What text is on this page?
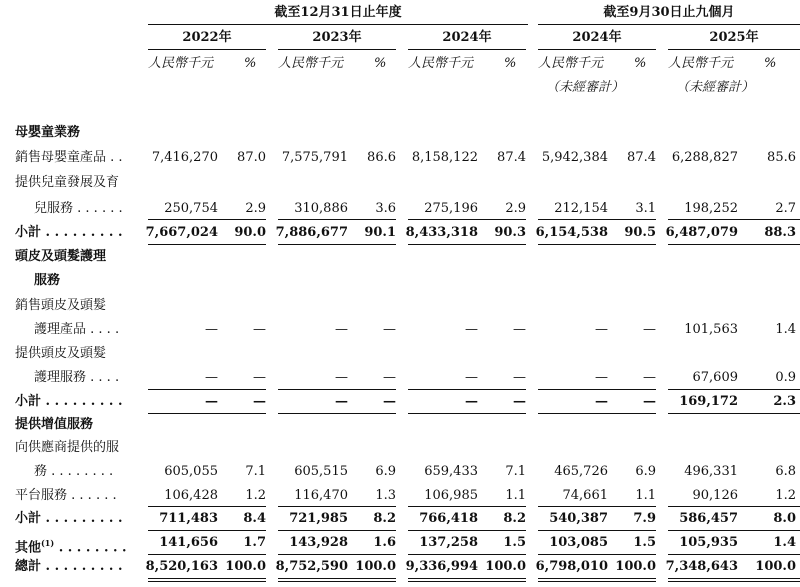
截至12月31日止年度	截至9月30日止九個月
2022年	2023年	2024年	2024年	2025年
人民幣千元 % 人民幣千元 % 人民幣千元 % 人民幣千元 % 人民幣千元 %
（未經審計）	（未經審計）
母嬰童業務
銷售母嬰童產品 . . 7,416,270 87.0 7,575,791 86.6 8,158,122 87.4 5,942,384 87.4 6,288,827 85.6
提供兒童發展及育
兒服務 . . . . . .	250,754 2.9 310,886 3.6 275,196 2.9 212,154 3.1 198,252	2.7
小計 . . . . . . . . . 7,667,024 90.0 7,886,677 90.1 8,433,318 90.3 6,154,538 90.5 6,487,079 88.3
頭皮及頭髮護理
服務
銷售頭皮及頭髮
護理產品 . . . .	—	—	—	—	—	—	—	— 101,563	1.4
提供頭皮及頭髮
護理服務 . . . .	—	—	—	—	—	—	—	—	67,609	0.9
小計 . . . . . . . . .	—	—	—	—	—	—	—	— 169,172	2.3
提供增值服務
向供應商提供的服
務 . . . . . . . .	605,055 7.1 605,515 6.9 659,433 7.1 465,726 6.9 496,331	6.8
平台服務 . . . . . .	106,428 1.2 116,470 1.3 106,985 1.1	74,661 1.1	90,126	1.2
小計 . . . . . . . . .	711,483 8.4 721,985 8.2 766,418 8.2 540,387 7.9 586,457	8.0
其他$^{(1)}$ . . . . . . . .	141,656 1.7 143,928 1.6 137,258 1.5 103,085 1.5 105,935	1.4
總計 . . . . . . . . . 8,520,163 100.0 8,752,590 100.0 9,336,994 100.0 6,798,010 100.0 7,348,643 100.0
